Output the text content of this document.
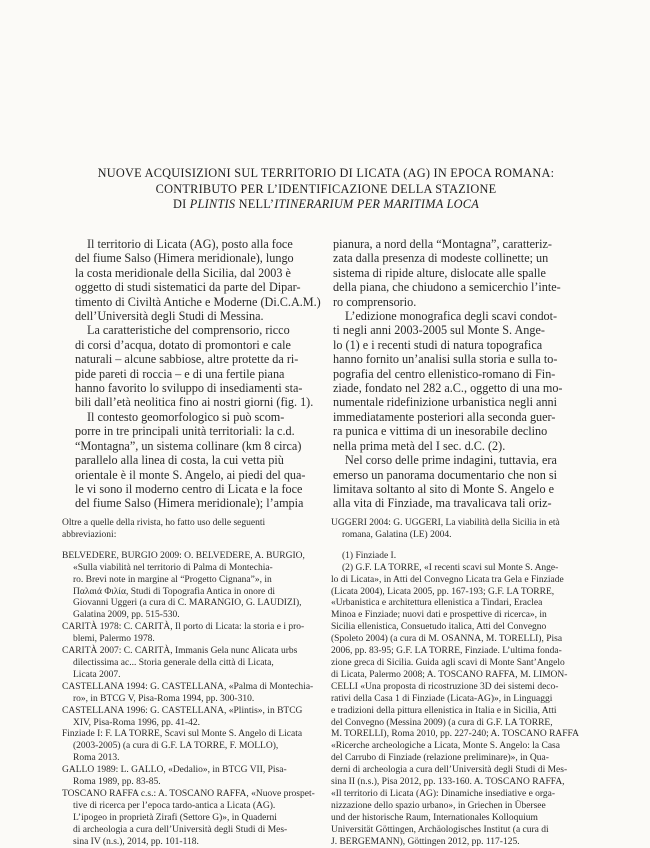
NUOVE ACQUISIZIONI SUL TERRITORIO DI LICATA (AG) IN EPOCA ROMANA:
CONTRIBUTO PER L’IDENTIFICAZIONE DELLA STAZIONE
DI PLINTIS NELL’ITINERARIUM PER MARITIMA LOCA
Il territorio di Licata (AG), posto alla foce
del fiume Salso (Himera meridionale), lungo
la costa meridionale della Sicilia, dal 2003 è
oggetto di studi sistematici da parte del Dipar-
timento di Civiltà Antiche e Moderne (Di.C.A.M.)
dell’Università degli Studi di Messina.
La caratteristiche del comprensorio, ricco
di corsi d’acqua, dotato di promontori e cale
naturali – alcune sabbiose, altre protette da ri-
pide pareti di roccia – e di una fertile piana
hanno favorito lo sviluppo di insediamenti sta-
bili dall’età neolitica fino ai nostri giorni (fig. 1).
Il contesto geomorfologico si può scom-
porre in tre principali unità territoriali: la c.d.
“Montagna”, un sistema collinare (km 8 circa)
parallelo alla linea di costa, la cui vetta più
orientale è il monte S. Angelo, ai piedi del qua-
le vi sono il moderno centro di Licata e la foce
del fiume Salso (Himera meridionale); l’ampia
pianura, a nord della “Montagna”, caratteriz-
zata dalla presenza di modeste collinette; un
sistema di ripide alture, dislocate alle spalle
della piana, che chiudono a semicerchio l’inte-
ro comprensorio.
L’edizione monografica degli scavi condot-
ti negli anni 2003-2005 sul Monte S. Ange-
lo (1) e i recenti studi di natura topografica
hanno fornito un’analisi sulla storia e sulla to-
pografia del centro ellenistico-romano di Fin-
ziade, fondato nel 282 a.C., oggetto di una mo-
numentale ridefinizione urbanistica negli anni
immediatamente posteriori alla seconda guer-
ra punica e vittima di un inesorabile declino
nella prima metà del I sec. d.C. (2).
Nel corso delle prime indagini, tuttavia, era
emerso un panorama documentario che non si
limitava soltanto al sito di Monte S. Angelo e
alla vita di Finziade, ma travalicava tali oriz-
Oltre a quelle della rivista, ho fatto uso delle seguenti
abbreviazioni:
BELVEDERE, BURGIO 2009: O. BELVEDERE, A. BURGIO,
«Sulla viabilità nel territorio di Palma di Montechia-
ro. Brevi note in margine al “Progetto Cignana”», in
Παλαιά Φιλία, Studi di Topografia Antica in onore di
Giovanni Uggeri (a cura di C. MARANGIO, G. LAUDIZI),
Galatina 2009, pp. 515-530.
CARITÀ 1978: C. CARITÀ, Il porto di Licata: la storia e i pro-
blemi, Palermo 1978.
CARITÀ 2007: C. CARITÀ, Immanis Gela nunc Alicata urbs
dilectissima ac... Storia generale della città di Licata,
Licata 2007.
CASTELLANA 1994: G. CASTELLANA, «Palma di Montechia-
ro», in BTCG V, Pisa-Roma 1994, pp. 300-310.
CASTELLANA 1996: G. CASTELLANA, «Plintis», in BTCG
XIV, Pisa-Roma 1996, pp. 41-42.
Finziade I: F. LA TORRE, Scavi sul Monte S. Angelo di Licata
(2003-2005) (a cura di G.F. LA TORRE, F. MOLLO),
Roma 2013.
GALLO 1989: L. GALLO, «Dedalio», in BTCG VII, Pisa-
Roma 1989, pp. 83-85.
TOSCANO RAFFA c.s.: A. TOSCANO RAFFA, «Nuove prospet-
tive di ricerca per l’epoca tardo-antica a Licata (AG).
L’ipogeo in proprietà Zirafi (Settore G)», in Quaderni
di archeologia a cura dell’Università degli Studi di Mes-
sina IV (n.s.), 2014, pp. 101-118.
UGGERI 2004: G. UGGERI, La viabilità della Sicilia in età
romana, Galatina (LE) 2004.
(1) Finziade I.
(2) G.F. LA TORRE, «I recenti scavi sul Monte S. Ange-
lo di Licata», in Atti del Convegno Licata tra Gela e Finziade
(Licata 2004), Licata 2005, pp. 167-193; G.F. LA TORRE,
«Urbanistica e architettura ellenistica a Tindari, Eraclea
Minoa e Finziade; nuovi dati e prospettive di ricerca», in
Sicilia ellenistica, Consuetudo italica, Atti del Convegno
(Spoleto 2004) (a cura di M. OSANNA, M. TORELLI), Pisa
2006, pp. 83-95; G.F. LA TORRE, Finziade. L’ultima fonda-
zione greca di Sicilia. Guida agli scavi di Monte Sant’Angelo
di Licata, Palermo 2008; A. TOSCANO RAFFA, M. LIMON-
CELLI «Una proposta di ricostruzione 3D dei sistemi deco-
rativi della Casa 1 di Finziade (Licata-AG)», in Linguaggi
e tradizioni della pittura ellenistica in Italia e in Sicilia, Atti
del Convegno (Messina 2009) (a cura di G.F. LA TORRE,
M. TORELLI), Roma 2010, pp. 227-240; A. TOSCANO RAFFA
«Ricerche archeologiche a Licata, Monte S. Angelo: la Casa
del Carrubo di Finziade (relazione preliminare)», in Qua-
derni di archeologia a cura dell’Università degli Studi di Mes-
sina II (n.s.), Pisa 2012, pp. 133-160. A. TOSCANO RAFFA,
«Il territorio di Licata (AG): Dinamiche insediative e orga-
nizzazione dello spazio urbano», in Griechen in Übersee
und der historische Raum, Internationales Kolloquium
Universität Göttingen, Archäologisches Institut (a cura di
J. BERGEMANN), Göttingen 2012, pp. 117-125.
